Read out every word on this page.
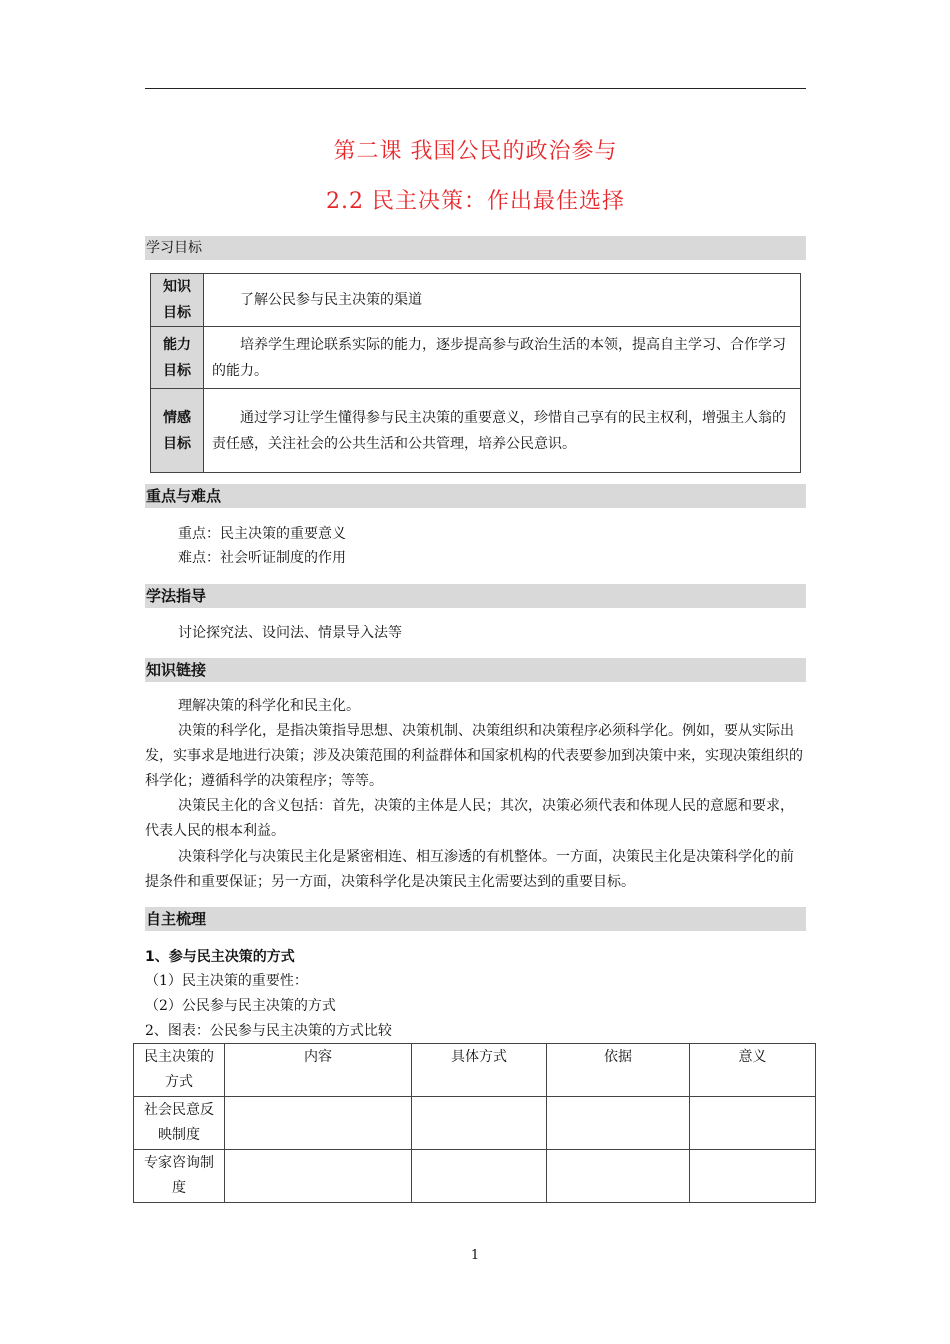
第二课 我国公民的政治参与
2.2 民主决策：作出最佳选择
学习目标
知识
目标	了解公民参与民主决策的渠道

能力
目标	培养学生理论联系实际的能力，逐步提高参与政治生活的本领，提高自主学习、合作学习的能力。

情感
目标	通过学习让学生懂得参与民主决策的重要意义，珍惜自己享有的民主权利，增强主人翁的责任感，关注社会的公共生活和公共管理，培养公民意识。
重点与难点
重点：民主决策的重要意义
难点：社会听证制度的作用
学法指导
讨论探究法、设问法、情景导入法等
知识链接
理解决策的科学化和民主化。
决策的科学化，是指决策指导思想、决策机制、决策组织和决策程序必须科学化。例如，要从实际出发，实事求是地进行决策；涉及决策范围的利益群体和国家机构的代表要参加到决策中来，实现决策组织的科学化；遵循科学的决策程序；等等。
决策民主化的含义包括：首先，决策的主体是人民；其次，决策必须代表和体现人民的意愿和要求，代表人民的根本利益。
决策科学化与决策民主化是紧密相连、相互渗透的有机整体。一方面，决策民主化是决策科学化的前提条件和重要保证；另一方面，决策科学化是决策民主化需要达到的重要目标。
自主梳理
1、参与民主决策的方式
（1）民主决策的重要性：
（2）公民参与民主决策的方式
2、图表：公民参与民主决策的方式比较
民主决策的方式	内容	具体方式	依据	意义
社会民意反映制度				
专家咨询制度				
1
